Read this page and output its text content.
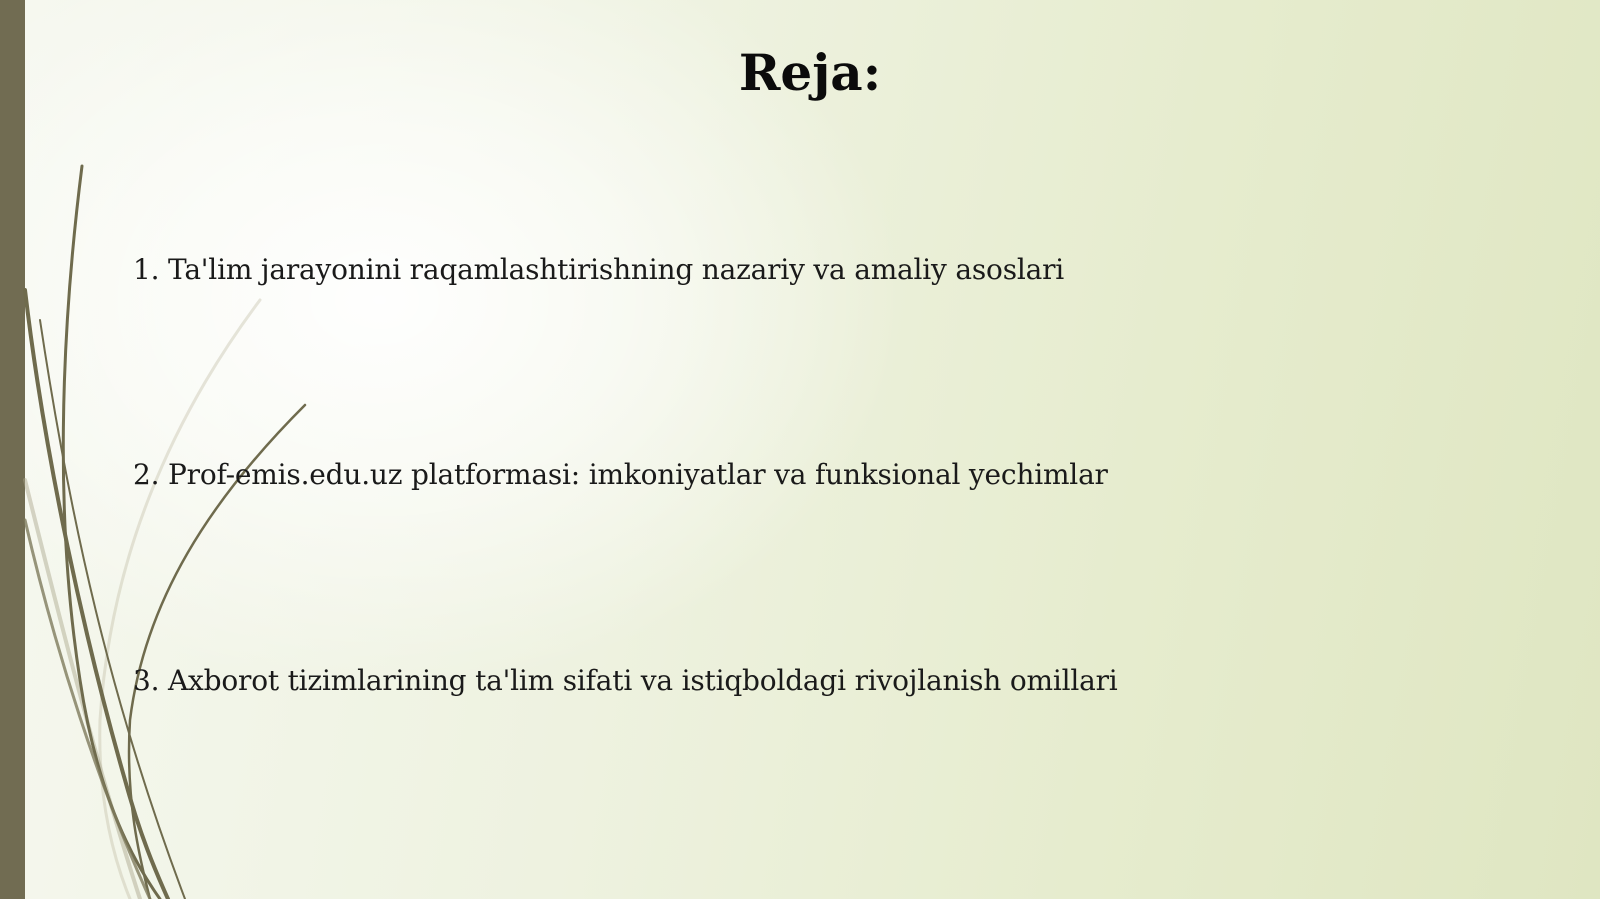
Reja:
1. Ta'lim jarayonini raqamlashtirishning nazariy va amaliy asoslari
2. Prof-emis.edu.uz platformasi: imkoniyatlar va funksional yechimlar
3. Axborot tizimlarining ta'lim sifati va istiqboldagi rivojlanish omillari
